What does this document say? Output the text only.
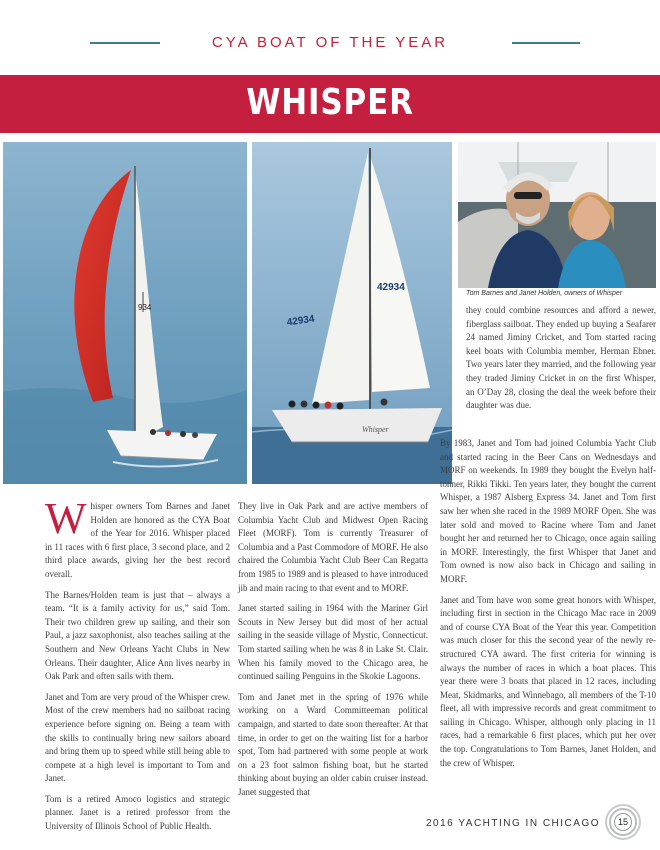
CYA BOAT OF THE YEAR
WHISPER
934
42934
42934
Whisper
Tom Barnes and Janet Holden, owners of Whisper

Whisper owners Tom Barnes and Janet Holden are honored as the CYA Boat of the Year for 2016. Whisper placed in 11 races with 6 first place, 3 second place, and 2 third place awards, giving her the best record overall.

The Barnes/Holden team is just that – always a team. “It is a family activity for us,” said Tom. Their two children grew up sailing, and their son Paul, a jazz saxophonist, also teaches sailing at the Southern and New Orleans Yacht Clubs in New Orleans. Their daughter, Alice Ann lives nearby in Oak Park and often sails with them.

Janet and Tom are very proud of the Whisper crew. Most of the crew members had no sailboat racing experience before signing on. Being a team with the skills to continually bring new sailors aboard and bring them up to speed while still being able to compete at a high level is important to Tom and Janet.

Tom is a retired Amoco logistics and strategic planner. Janet is a retired professor from the University of Illinois School of Public Health.

They live in Oak Park and are active members of Columbia Yacht Club and Midwest Open Racing Fleet (MORF). Tom is currently Treasurer of Columbia and a Past Commodore of MORF. He also chaired the Columbia Yacht Club Beer Can Regatta from 1985 to 1989 and is pleased to have introduced jib and main racing to that event and to MORF.

Janet started sailing in 1964 with the Mariner Girl Scouts in New Jersey but did most of her actual sailing in the seaside village of Mystic, Connecticut. Tom started sailing when he was 8 in Lake St. Clair. When his family moved to the Chicago area, he continued sailing Penguins in the Skokie Lagoons.

Tom and Janet met in the spring of 1976 while working on a Ward Committeeman political campaign, and started to date soon thereafter. At that time, in order to get on the waiting list for a harbor spot, Tom had partnered with some people at work on a 23 foot salmon fishing boat, but he started thinking about buying an older cabin cruiser instead. Janet suggested that

they could combine resources and afford a newer, fiberglass sailboat. They ended up buying a Seafarer 24 named Jiminy Cricket, and Tom started racing keel boats with Columbia member, Herman Ebner. Two years later they married, and the following year they traded Jiminy Cricket in on the first Whisper, an O’Day 28, closing the deal the week before their daughter was due.

By 1983, Janet and Tom had joined Columbia Yacht Club and started racing in the Beer Cans on Wednesdays and MORF on weekends. In 1989 they bought the Evelyn half-tonner, Rikki Tikki. Ten years later, they bought the current Whisper, a 1987 Alsberg Express 34. Janet and Tom first saw her when she raced in the 1989 MORF Open. She was later sold and moved to Racine where Tom and Janet bought her and returned her to Chicago, once again sailing in MORF. Interestingly, the first Whisper that Janet and Tom owned is now also back in Chicago and sailing in MORF.

Janet and Tom have won some great honors with Whisper, including first in section in the Chicago Mac race in 2009 and of course CYA Boat of the Year this year. Competition was much closer for this the second year of the newly re-structured CYA award. The first criteria for winning is always the number of races in which a boat places. This year there were 3 boats that placed in 12 races, including Meat, Skidmarks, and Winnebago, all members of the T-10 fleet, all with impressive records and great commitment to sailing in Chicago. Whisper, although only placing in 11 races, had a remarkable 6 first places, which put her over the top. Congratulations to Tom Barnes, Janet Holden, and the crew of Whisper.

2016 YACHTING IN CHICAGO	15
